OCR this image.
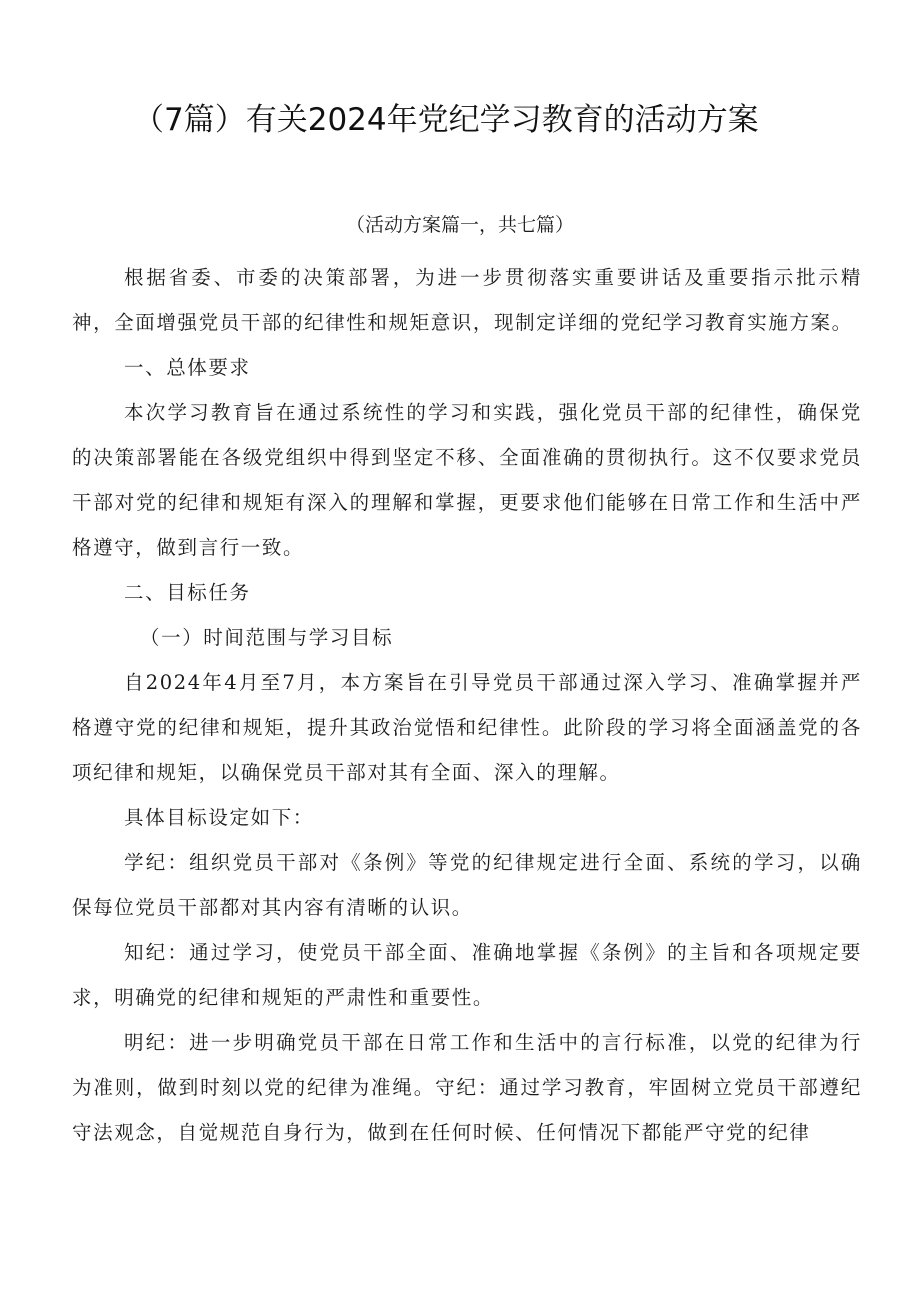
（7篇）有关2024年党纪学习教育的活动方案
（活动方案篇一，共七篇）

根据省委、市委的决策部署，为进一步贯彻落实重要讲话及重要指示批示精神，全面增强党员干部的纪律性和规矩意识，现制定详细的党纪学习教育实施方案。

一、总体要求

本次学习教育旨在通过系统性的学习和实践，强化党员干部的纪律性，确保党的决策部署能在各级党组织中得到坚定不移、全面准确的贯彻执行。这不仅要求党员干部对党的纪律和规矩有深入的理解和掌握，更要求他们能够在日常工作和生活中严格遵守，做到言行一致。

二、目标任务

（一）时间范围与学习目标

自2024年4月至7月，本方案旨在引导党员干部通过深入学习、准确掌握并严格遵守党的纪律和规矩，提升其政治觉悟和纪律性。此阶段的学习将全面涵盖党的各项纪律和规矩，以确保党员干部对其有全面、深入的理解。

具体目标设定如下：

学纪：组织党员干部对《条例》等党的纪律规定进行全面、系统的学习，以确保每位党员干部都对其内容有清晰的认识。

知纪：通过学习，使党员干部全面、准确地掌握《条例》的主旨和各项规定要求，明确党的纪律和规矩的严肃性和重要性。

明纪：进一步明确党员干部在日常工作和生活中的言行标准，以党的纪律为行为准则，做到时刻以党的纪律为准绳。守纪：通过学习教育，牢固树立党员干部遵纪守法观念，自觉规范自身行为，做到在任何时候、任何情况下都能严守党的纪律
